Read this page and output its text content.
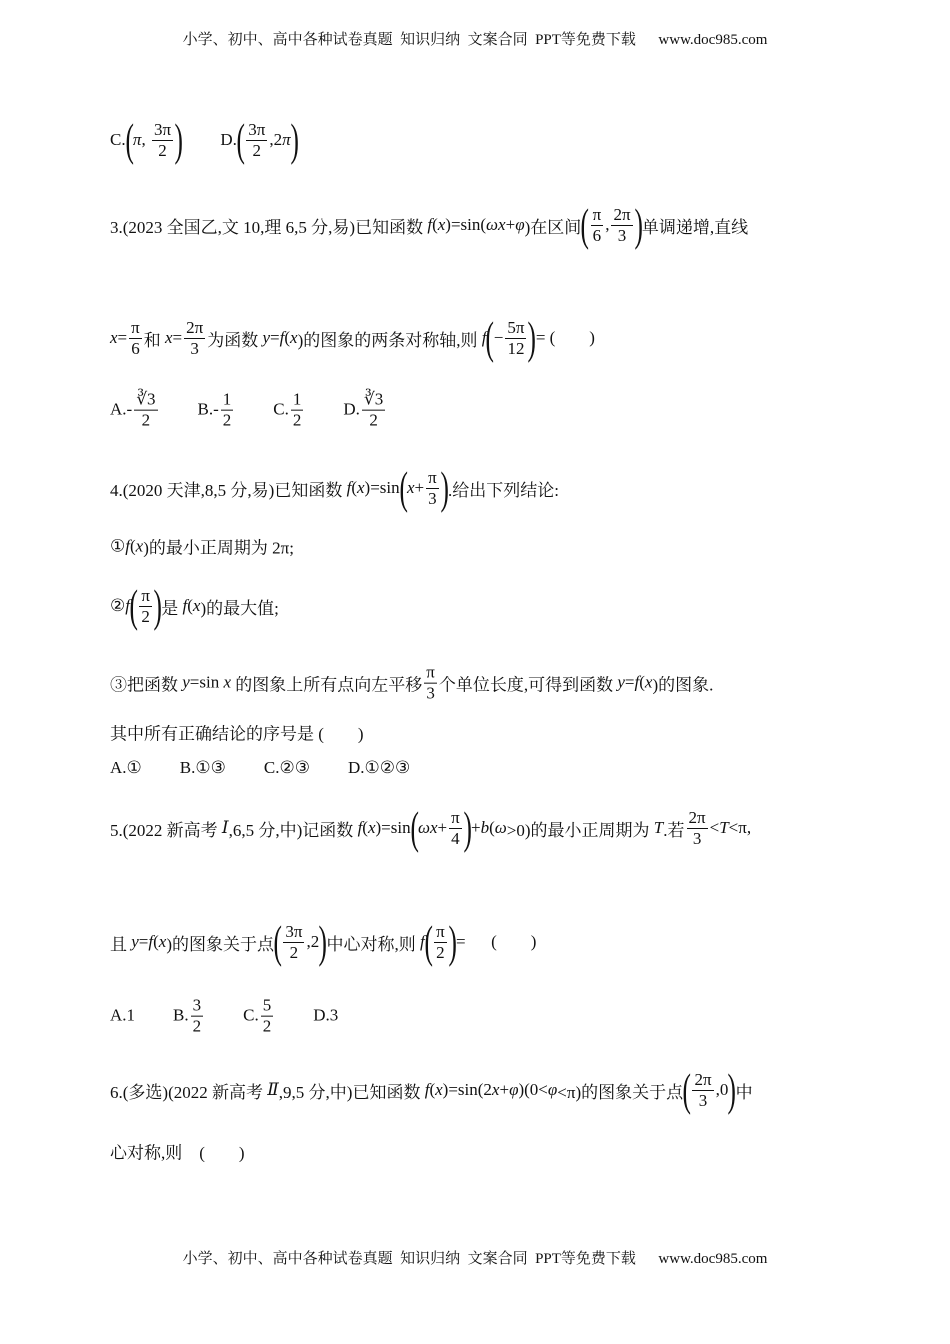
小学、初中、高中各种试卷真题  知识归纳  文案合同  PPT等免费下载      www.doc985.com
C. ( π , $\frac{3\pi}{2}$ ) D. ( $\frac{3\pi}{2} ,2$ π )
3.(2023 全国乙,文 10,理 6,5 分,易)已知函数 f ( x )=sin( ωx + φ )在区间 ( $\frac{\pi}{6}$ , $\frac{2\pi}{3}$ ) 单调递增,直线
$x = \frac{\pi}{6}$ 和 $x = \frac{2\pi}{3}$ 为函数 y = f ( x )的图象的两条对称轴,则 f ( − $\frac{5\pi}{12}$ ) = (        )
$A.- \frac{∛3}{2} B.- \frac{1}{2} C$. $\frac{1}{2} D$. $\frac{∛3}{2}$
4.(2020 天津,8,5 分,易)已知函数 f ( x )=sin ( $x + \frac{\pi}{3}$ ) .给出下列结论:
① f ( x )的最小正周期为 2π;
② f ( $\frac{\pi}{2}$ ) 是 f ( x )的最大值;
③把函数 y =sin x 的图象上所有点向左平移 $\frac{\pi}{3}$ 个单位长度,可得到函数 y = f ( x )的图象.
其中所有正确结论的序号是 (        )
A.① B.①③ C.②③ D.①②③
5.(2022 新高考 Ⅰ ,6,5 分,中)记函数 f ( x )=sin ( $\omega x + \frac{\pi}{4}$ ) + b ( ω >0)的最小正周期为 T .若 $\frac{2\pi}{3} < T <\pi$,
且 y = f ( x )的图象关于点 ( $\frac{3\pi}{2} ,2$ ) 中心对称,则 f ( $\frac{\pi}{2}$ ) =      (        )
A.1 B. $\frac{3}{2} C$. $\frac{5}{2} D.3$
6.(多选)(2022 新高考 Ⅱ ,9,5 分,中)已知函数 f ( x )=sin(2 x + φ )(0< φ <π)的图象关于点 ( $\frac{2\pi}{3} ,0$ ) 中
心对称,则    (        )
小学、初中、高中各种试卷真题  知识归纳  文案合同  PPT等免费下载      www.doc985.com
